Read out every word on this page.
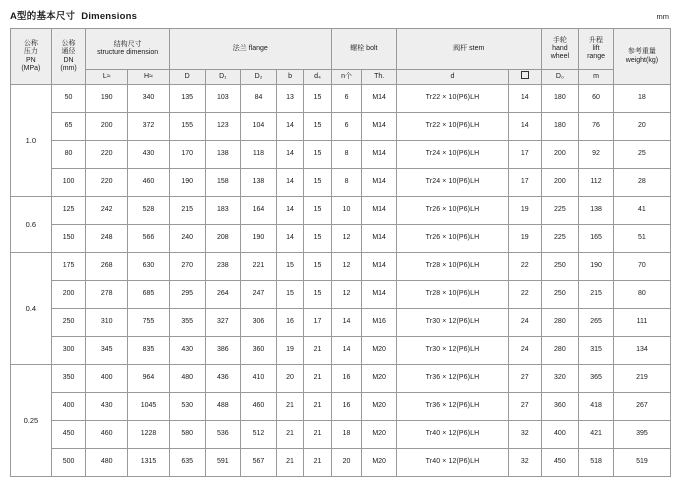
A型的基本尺寸 Dimensions	mm
公称
压力
PN
(MPa)	公称
通径
DN
(mm)	结构尺寸
structure dimension		法兰 flange					螺栓 bolt		阀杆 stem		手轮
hand
wheel	升程
lift
range	参考重量
weight(kg)

		L≈	H≈	D	D₁	D₂	b	d₄	n个	Th.	d		D₀	m	
1.0	50	190	340	135	103	84	13	15	6	M14	Tr22 × 10(P6)LH	14	180	60	18
	65	200	372	155	123	104	14	15	6	M14	Tr22 × 10(P6)LH	14	180	76	20
	80	220	430	170	138	118	14	15	8	M14	Tr24 × 10(P6)LH	17	200	92	25
	100	220	460	190	158	138	14	15	8	M14	Tr24 × 10(P6)LH	17	200	112	28
0.6	125	242	528	215	183	164	14	15	10	M14	Tr26 × 10(P6)LH	19	225	138	41
	150	248	566	240	208	190	14	15	12	M14	Tr26 × 10(P6)LH	19	225	165	51
0.4	175	268	630	270	238	221	15	15	12	M14	Tr28 × 10(P6)LH	22	250	190	70
	200	278	685	295	264	247	15	15	12	M14	Tr28 × 10(P6)LH	22	250	215	80
	250	310	755	355	327	306	16	17	14	M16	Tr30 × 12(P6)LH	24	280	265	111
	300	345	835	430	386	360	19	21	14	M20	Tr30 × 12(P6)LH	24	280	315	134
0.25	350	400	964	480	436	410	20	21	16	M20	Tr36 × 12(P6)LH	27	320	365	219
	400	430	1045	530	488	460	21	21	16	M20	Tr36 × 12(P6)LH	27	360	418	267
	450	460	1228	580	536	512	21	21	18	M20	Tr40 × 12(P6)LH	32	400	421	395
	500	480	1315	635	591	567	21	21	20	M20	Tr40 × 12(P6)LH	32	450	518	519
